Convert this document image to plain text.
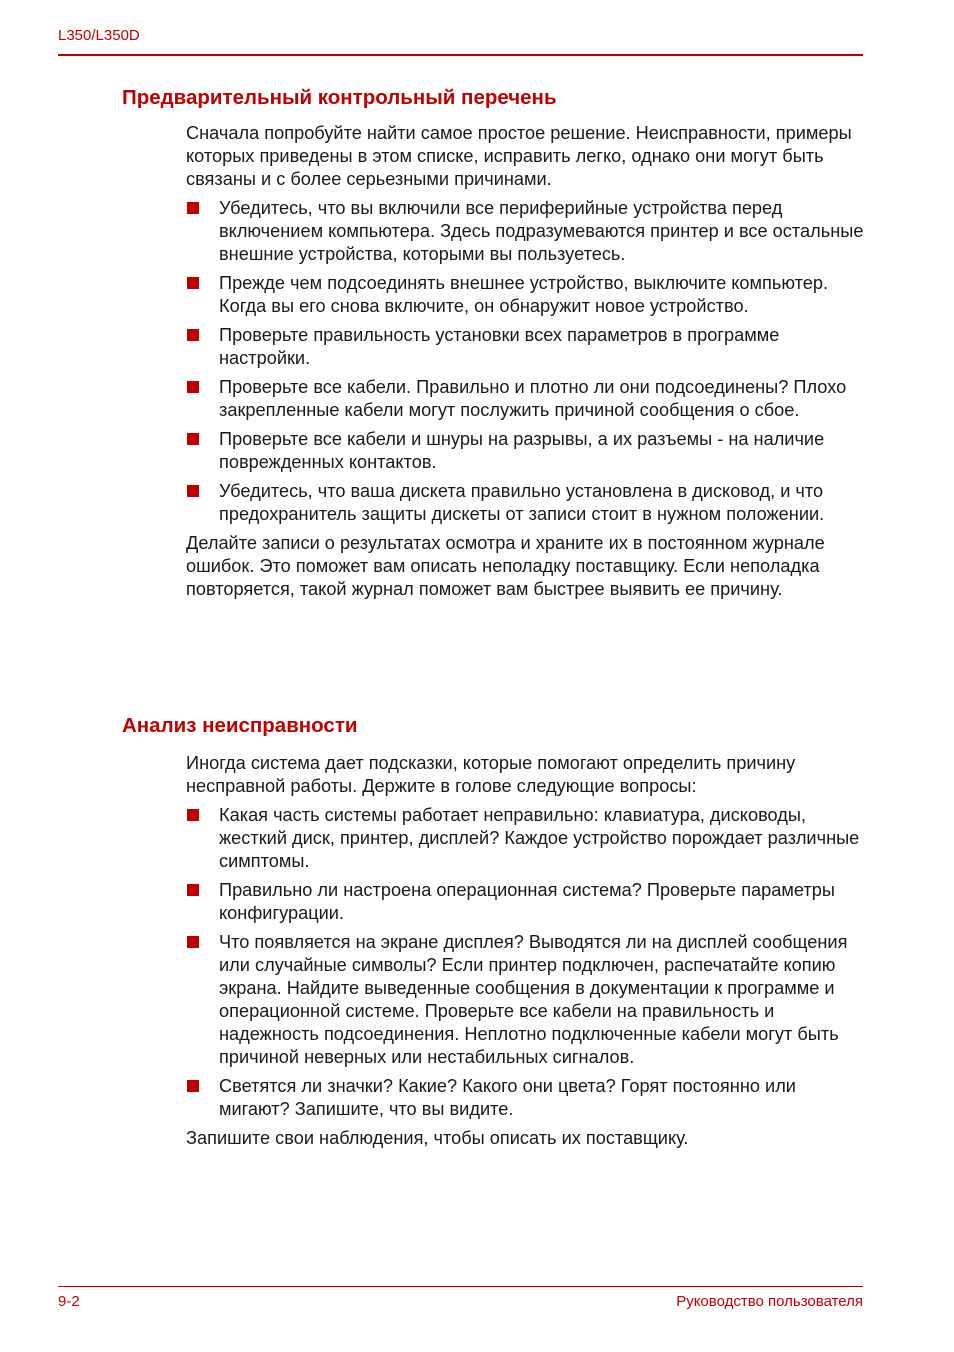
L350/L350D
Предварительный контрольный перечень

Сначала попробуйте найти самое простое решение. Неисправности, примеры которых приведены в этом списке, исправить легко, однако они могут быть связаны и с более серьезными причинами.

Убедитесь, что вы включили все периферийные устройства перед включением компьютера. Здесь подразумеваются принтер и все остальные внешние устройства, которыми вы пользуетесь.
Прежде чем подсоединять внешнее устройство, выключите компьютер. Когда вы его снова включите, он обнаружит новое устройство.
Проверьте правильность установки всех параметров в программе настройки.
Проверьте все кабели. Правильно и плотно ли они подсоединены? Плохо закрепленные кабели могут послужить причиной сообщения о сбое.
Проверьте все кабели и шнуры на разрывы, а их разъемы - на наличие поврежденных контактов.
Убедитесь, что ваша дискета правильно установлена в дисковод, и что предохранитель защиты дискеты от записи стоит в нужном положении.

Делайте записи о результатах осмотра и храните их в постоянном журнале ошибок. Это поможет вам описать неполадку поставщику. Если неполадка повторяется, такой журнал поможет вам быстрее выявить ее причину.

Анализ неисправности

Иногда система дает подсказки, которые помогают определить причину несправной работы. Держите в голове следующие вопросы:

Какая часть системы работает неправильно: клавиатура, дисководы, жесткий диск, принтер, дисплей? Каждое устройство порождает различные симптомы.
Правильно ли настроена операционная система? Проверьте параметры конфигурации.
Что появляется на экране дисплея? Выводятся ли на дисплей сообщения или случайные символы? Если принтер подключен, распечатайте копию экрана. Найдите выведенные сообщения в документации к программе и операционной системе. Проверьте все кабели на правильность и надежность подсоединения. Неплотно подключенные кабели могут быть причиной неверных или нестабильных сигналов.
Светятся ли значки? Какие? Какого они цвета? Горят постоянно или мигают? Запишите, что вы видите.

Запишите свои наблюдения, чтобы описать их поставщику.

9-2	Руководство пользователя
